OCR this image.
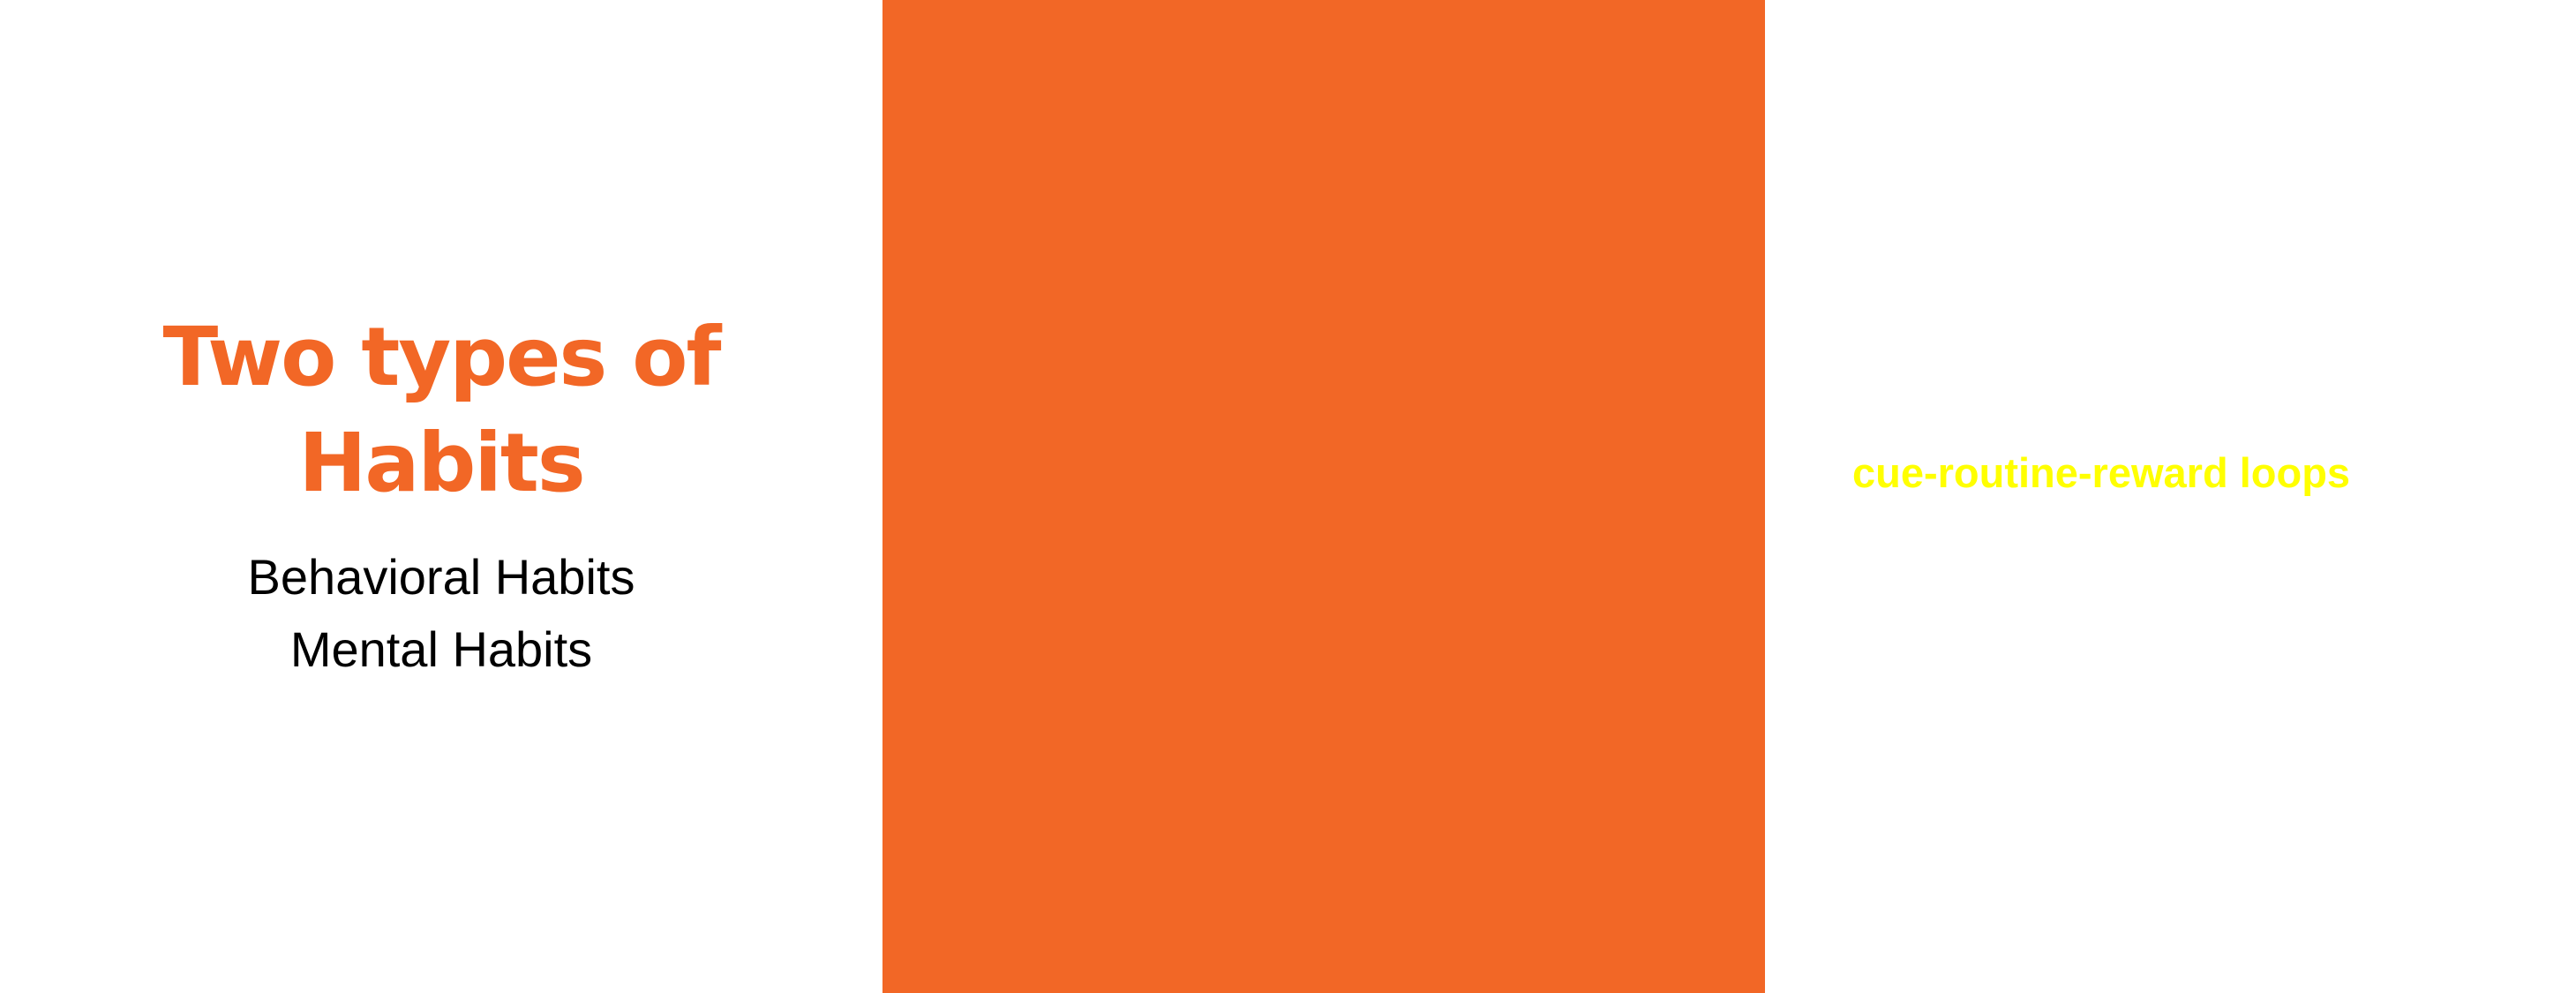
Two types of
Habits
Behavioral Habits
Mental Habits

Habits are simple
cue-routine-reward loops that save
effort.
